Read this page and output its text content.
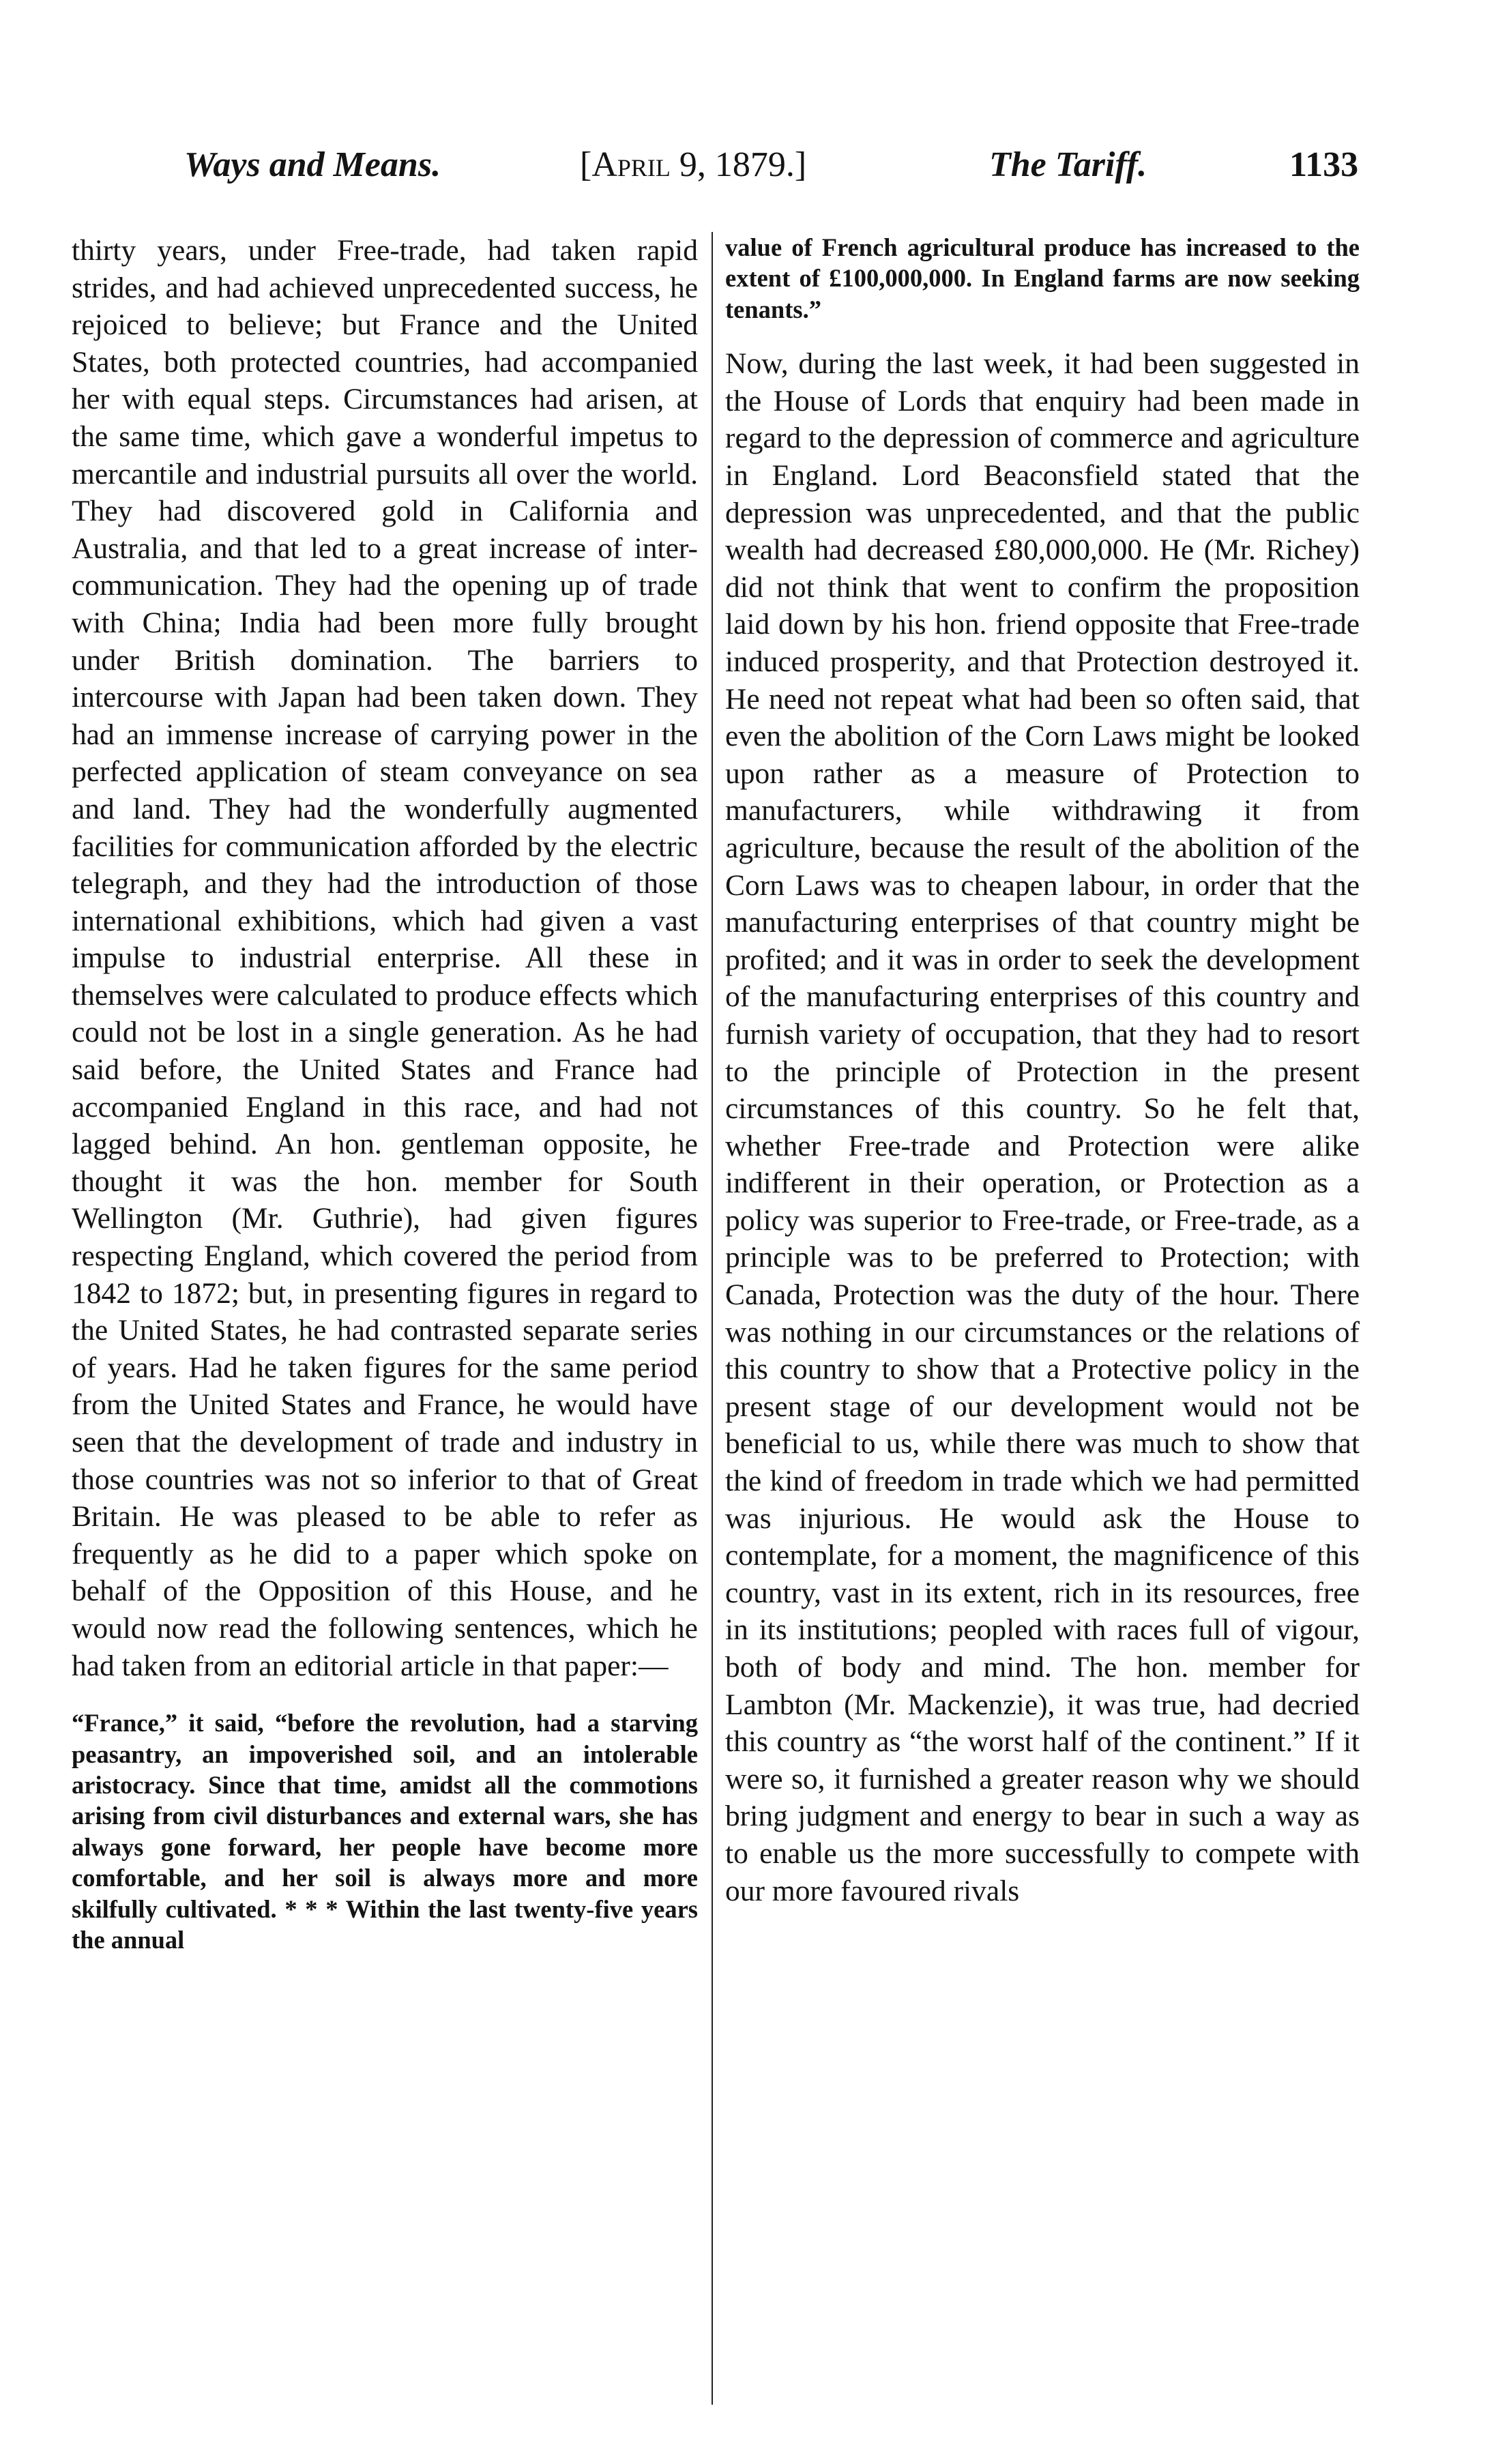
Ways and Means.	[April 9, 1879.]	The Tariff.	1133

thirty years, under Free-trade, had taken rapid strides, and had achieved unprecedented success, he rejoiced to believe; but France and the United States, both protected countries, had accompanied her with equal steps. Circumstances had arisen, at the same time, which gave a wonderful impetus to mercantile and industrial pursuits all over the world. They had discovered gold in California and Australia, and that led to a great increase of inter-communication. They had the opening up of trade with China; India had been more fully brought under British domination. The barriers to intercourse with Japan had been taken down. They had an immense increase of carrying power in the perfected application of steam conveyance on sea and land. They had the wonderfully augmented facilities for communication afforded by the electric telegraph, and they had the introduction of those international exhibitions, which had given a vast impulse to industrial enterprise. All these in themselves were calculated to produce effects which could not be lost in a single generation. As he had said before, the United States and France had accompanied England in this race, and had not lagged behind. An hon. gentleman opposite, he thought it was the hon. member for South Wellington (Mr. Guthrie), had given figures respecting England, which covered the period from 1842 to 1872; but, in presenting figures in regard to the United States, he had contrasted separate series of years. Had he taken figures for the same period from the United States and France, he would have seen that the development of trade and industry in those countries was not so inferior to that of Great Britain. He was pleased to be able to refer as frequently as he did to a paper which spoke on behalf of the Opposition of this House, and he would now read the following sentences, which he had taken from an editorial article in that paper:—

“France,” it said, “before the revolution, had a starving peasantry, an impoverished soil, and an intolerable aristocracy. Since that time, amidst all the commotions arising from civil disturbances and external wars, she has always gone forward, her people have become more comfortable, and her soil is always more and more skilfully cultivated. * * * Within the last twenty-five years the annual

value of French agricultural produce has increased to the extent of £100,000,000. In England farms are now seeking tenants.”

Now, during the last week, it had been suggested in the House of Lords that enquiry had been made in regard to the depression of commerce and agriculture in England. Lord Beaconsfield stated that the depression was unprecedented, and that the public wealth had decreased £80,000,000. He (Mr. Richey) did not think that went to confirm the proposition laid down by his hon. friend opposite that Free-trade induced prosperity, and that Protection destroyed it. He need not repeat what had been so often said, that even the abolition of the Corn Laws might be looked upon rather as a measure of Protection to manufacturers, while withdrawing it from agriculture, because the result of the abolition of the Corn Laws was to cheapen labour, in order that the manufacturing enterprises of that country might be profited; and it was in order to seek the development of the manufacturing enterprises of this country and furnish variety of occupation, that they had to resort to the principle of Protection in the present circumstances of this country. So he felt that, whether Free-trade and Protection were alike indifferent in their operation, or Protection as a policy was superior to Free-trade, or Free-trade, as a principle was to be preferred to Protection; with Canada, Protection was the duty of the hour. There was nothing in our circumstances or the relations of this country to show that a Protective policy in the present stage of our development would not be beneficial to us, while there was much to show that the kind of freedom in trade which we had permitted was injurious. He would ask the House to contemplate, for a moment, the magnificence of this country, vast in its extent, rich in its resources, free in its institutions; peopled with races full of vigour, both of body and mind. The hon. member for Lambton (Mr. Mackenzie), it was true, had decried this country as “the worst half of the continent.” If it were so, it furnished a greater reason why we should bring judgment and energy to bear in such a way as to enable us the more successfully to compete with our more favoured rivals
